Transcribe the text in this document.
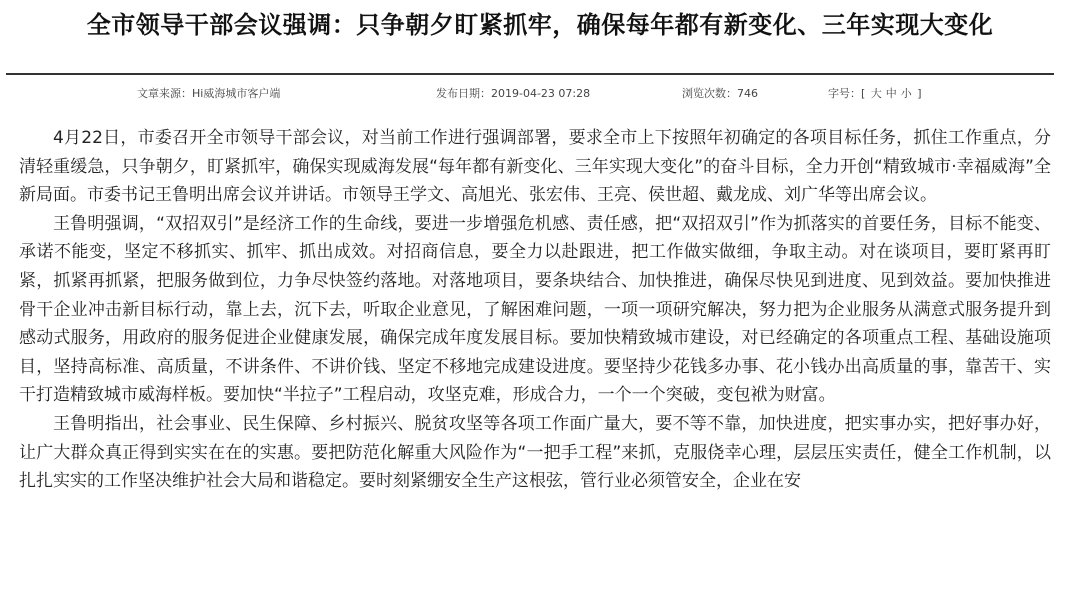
全市领导干部会议强调：只争朝夕盯紧抓牢，确保每年都有新变化、三年实现大变化
文章来源：Hi威海城市客户端	发布日期：2019-04-23 07:28	浏览次数：746	字号：[ 大 中 小 ]

4月22日，市委召开全市领导干部会议，对当前工作进行强调部署，要求全市上下按照年初确定的各项目标任务，抓住工作重点，分清轻重缓急，只争朝夕，盯紧抓牢，确保实现威海发展“每年都有新变化、三年实现大变化”的奋斗目标，全力开创“精致城市·幸福威海”全新局面。市委书记王鲁明出席会议并讲话。市领导王学文、高旭光、张宏伟、王亮、侯世超、戴龙成、刘广华等出席会议。

王鲁明强调，“双招双引”是经济工作的生命线，要进一步增强危机感、责任感，把“双招双引”作为抓落实的首要任务，目标不能变、承诺不能变，坚定不移抓实、抓牢、抓出成效。对招商信息，要全力以赴跟进，把工作做实做细，争取主动。对在谈项目，要盯紧再盯紧，抓紧再抓紧，把服务做到位，力争尽快签约落地。对落地项目，要条块结合、加快推进，确保尽快见到进度、见到效益。要加快推进骨干企业冲击新目标行动，靠上去，沉下去，听取企业意见，了解困难问题，一项一项研究解决，努力把为企业服务从满意式服务提升到感动式服务，用政府的服务促进企业健康发展，确保完成年度发展目标。要加快精致城市建设，对已经确定的各项重点工程、基础设施项目，坚持高标准、高质量，不讲条件、不讲价钱、坚定不移地完成建设进度。要坚持少花钱多办事、花小钱办出高质量的事，靠苦干、实干打造精致城市威海样板。要加快“半拉子”工程启动，攻坚克难，形成合力，一个一个突破，变包袱为财富。

王鲁明指出，社会事业、民生保障、乡村振兴、脱贫攻坚等各项工作面广量大，要不等不靠，加快进度，把实事办实，把好事办好，让广大群众真正得到实实在在的实惠。要把防范化解重大风险作为“一把手工程”来抓，克服侥幸心理，层层压实责任，健全工作机制，以扎扎实实的工作坚决维护社会大局和谐稳定。要时刻紧绷安全生产这根弦，管行业必须管安全，企业在安
